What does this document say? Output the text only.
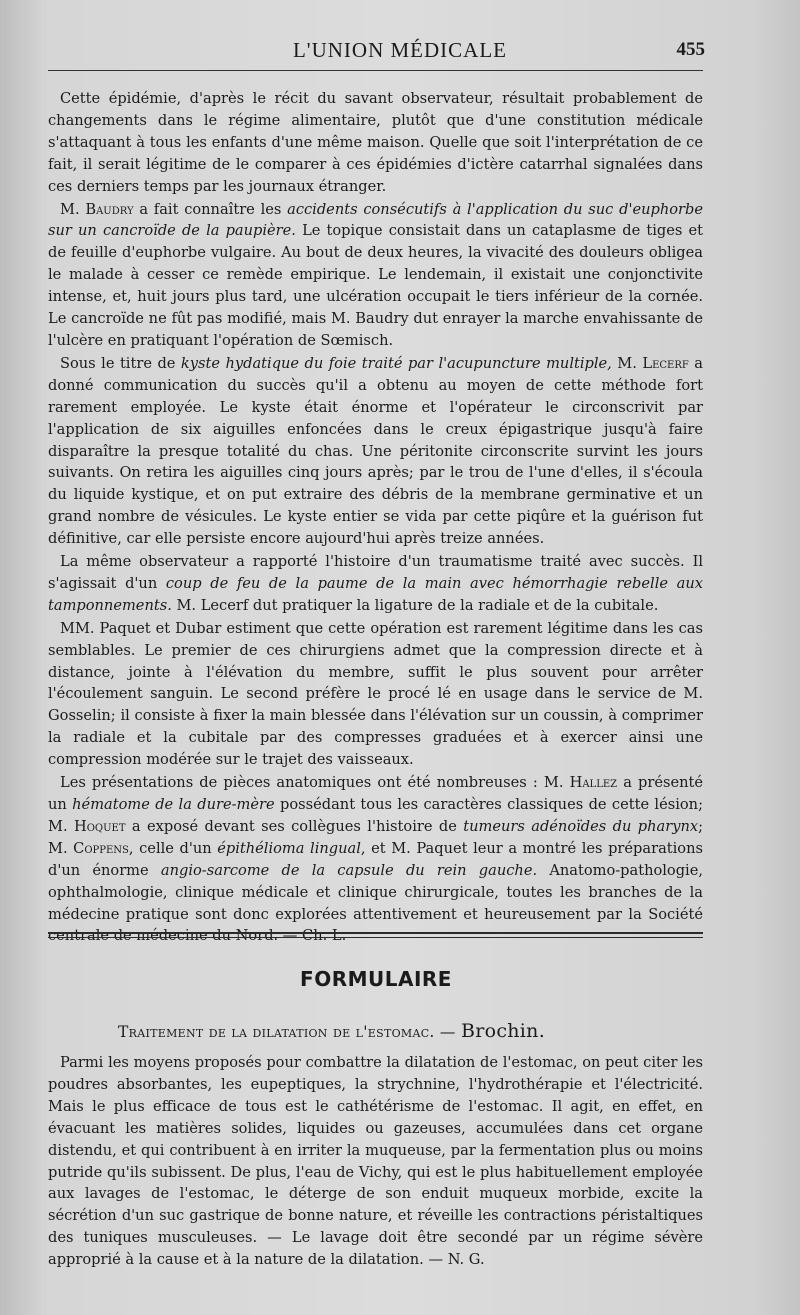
L'UNION MÉDICALE	455

Cette épidémie, d'après le récit du savant observateur, résultait probablement de changements dans le régime alimentaire, plutôt que d'une constitution médicale s'attaquant à tous les enfants d'une même maison. Quelle que soit l'interprétation de ce fait, il serait légitime de le comparer à ces épidémies d'ictère catarrhal signalées dans ces derniers temps par les journaux étranger.

M. Baudry a fait connaître les accidents consécutifs à l'application du suc d'euphorbe sur un cancroïde de la paupière. Le topique consistait dans un cataplasme de tiges et de feuille d'euphorbe vulgaire. Au bout de deux heures, la vivacité des douleurs obligea le malade à cesser ce remède empirique. Le lendemain, il existait une conjonctivite intense, et, huit jours plus tard, une ulcération occupait le tiers inférieur de la cornée. Le cancroïde ne fût pas modifié, mais M. Baudry dut enrayer la marche envahissante de l'ulcère en pratiquant l'opération de Sœmisch.

Sous le titre de kyste hydatique du foie traité par l'acupuncture multiple, M. Lecerf a donné communication du succès qu'il a obtenu au moyen de cette méthode fort rarement employée. Le kyste était énorme et l'opérateur le circonscrivit par l'application de six aiguilles enfoncées dans le creux épigastrique jusqu'à faire disparaître la presque totalité du chas. Une péritonite circonscrite survint les jours suivants. On retira les aiguilles cinq jours après; par le trou de l'une d'elles, il s'écoula du liquide kystique, et on put extraire des débris de la membrane germinative et un grand nombre de vésicules. Le kyste entier se vida par cette piqûre et la guérison fut définitive, car elle persiste encore aujourd'hui après treize années.

La même observateur a rapporté l'histoire d'un traumatisme traité avec succès. Il s'agissait d'un coup de feu de la paume de la main avec hémorrhagie rebelle aux tamponnements. M. Lecerf dut pratiquer la ligature de la radiale et de la cubitale.

MM. Paquet et Dubar estiment que cette opération est rarement légitime dans les cas semblables. Le premier de ces chirurgiens admet que la compression directe et à distance, jointe à l'élévation du membre, suffit le plus souvent pour arrêter l'écoulement sanguin. Le second préfère le procé lé en usage dans le service de M. Gosselin; il consiste à fixer la main blessée dans l'élévation sur un coussin, à comprimer la radiale et la cubitale par des compresses graduées et à exercer ainsi une compression modérée sur le trajet des vaisseaux.

Les présentations de pièces anatomiques ont été nombreuses : M. Hallez a présenté un hématome de la dure-mère possédant tous les caractères classiques de cette lésion; M. Hoquet a exposé devant ses collègues l'histoire de tumeurs adénoïdes du pharynx; M. Coppens, celle d'un épithélioma lingual, et M. Paquet leur a montré les préparations d'un énorme angio-sarcome de la capsule du rein gauche. Anatomo-pathologie, ophthalmologie, clinique médicale et clinique chirurgicale, toutes les branches de la médecine pratique sont donc explorées attentivement et heureusement par la Société centrale de médecine du Nord. — Ch. L.

FORMULAIRE
Traitement de la dilatation de l'estomac. — Brochin.

Parmi les moyens proposés pour combattre la dilatation de l'estomac, on peut citer les poudres absorbantes, les eupeptiques, la strychnine, l'hydrothérapie et l'électricité. Mais le plus efficace de tous est le cathétérisme de l'estomac. Il agit, en effet, en évacuant les matières solides, liquides ou gazeuses, accumulées dans cet organe distendu, et qui contribuent à en irriter la muqueuse, par la fermentation plus ou moins putride qu'ils subissent. De plus, l'eau de Vichy, qui est le plus habituellement employée aux lavages de l'estomac, le déterge de son enduit muqueux morbide, excite la sécrétion d'un suc gastrique de bonne nature, et réveille les contractions péristaltiques des tuniques musculeuses. — Le lavage doit être secondé par un régime sévère approprié à la cause et à la nature de la dilatation. — N. G.
